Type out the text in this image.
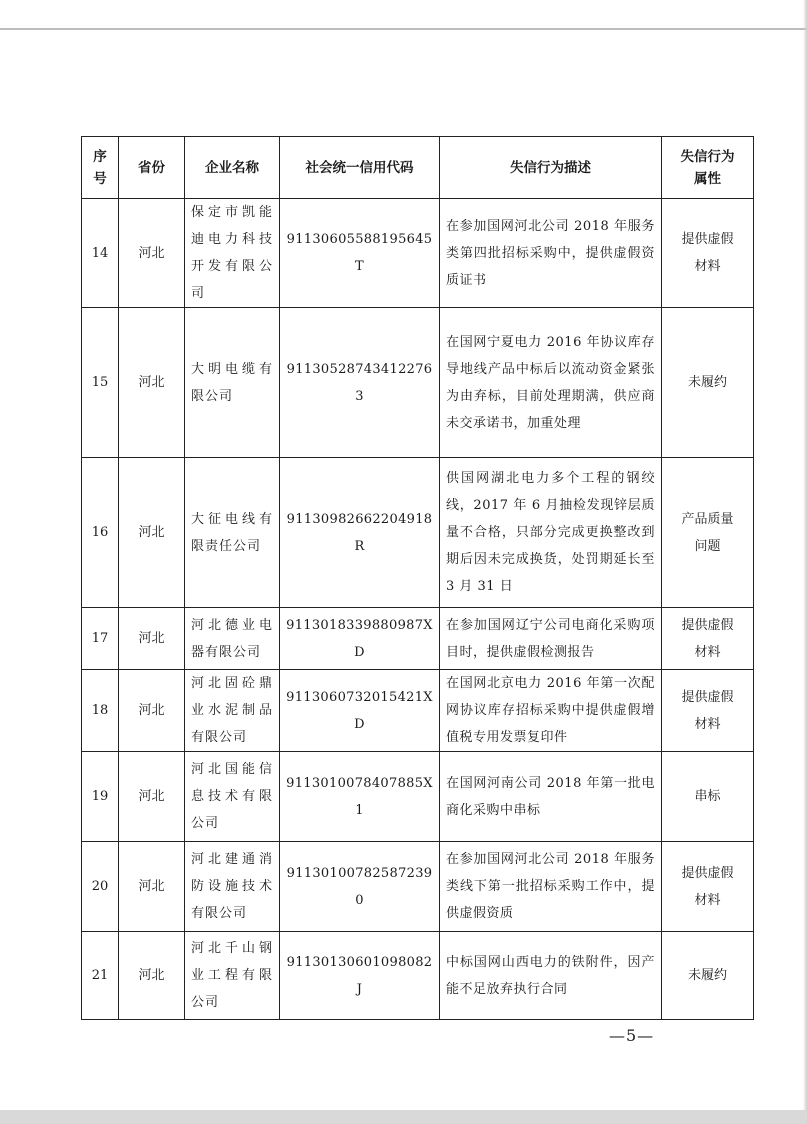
序号	省份	企业名称	社会统一信用代码	失信行为描述	失信行为属性
14	河北	保定市凯能迪电力科技开发有限公司	91130605588195645T	在参加国网河北公司 2018 年服务类第四批招标采购中，提供虚假资质证书	提供虚假材料
15	河北	大明电缆有限公司	911305287434122763	在国网宁夏电力 2016 年协议库存导地线产品中标后以流动资金紧张为由弃标，目前处理期满，供应商未交承诺书，加重处理	未履约
16	河北	大征电线有限责任公司	91130982662204918R	供国网湖北电力多个工程的钢绞线，2017 年 6 月抽检发现锌层质量不合格，只部分完成更换整改到期后因未完成换货，处罚期延长至 3 月 31 日	产品质量问题
17	河北	河北德业电器有限公司	9113018339880987XD	在参加国网辽宁公司电商化采购项目时，提供虚假检测报告	提供虚假材料
18	河北	河北固砼鼎业水泥制品有限公司	9113060732015421XD	在国网北京电力 2016 年第一次配网协议库存招标采购中提供虚假增值税专用发票复印件	提供虚假材料
19	河北	河北国能信息技术有限公司	9113010078407885X1	在国网河南公司 2018 年第一批电商化采购中串标	串标
20	河北	河北建通消防设施技术有限公司	911301007825872390	在参加国网河北公司 2018 年服务类线下第一批招标采购工作中，提供虚假资质	提供虚假材料
21	河北	河北千山钢业工程有限公司	91130130601098082J	中标国网山西电力的铁附件，因产能不足放弃执行合同	未履约
—5—
